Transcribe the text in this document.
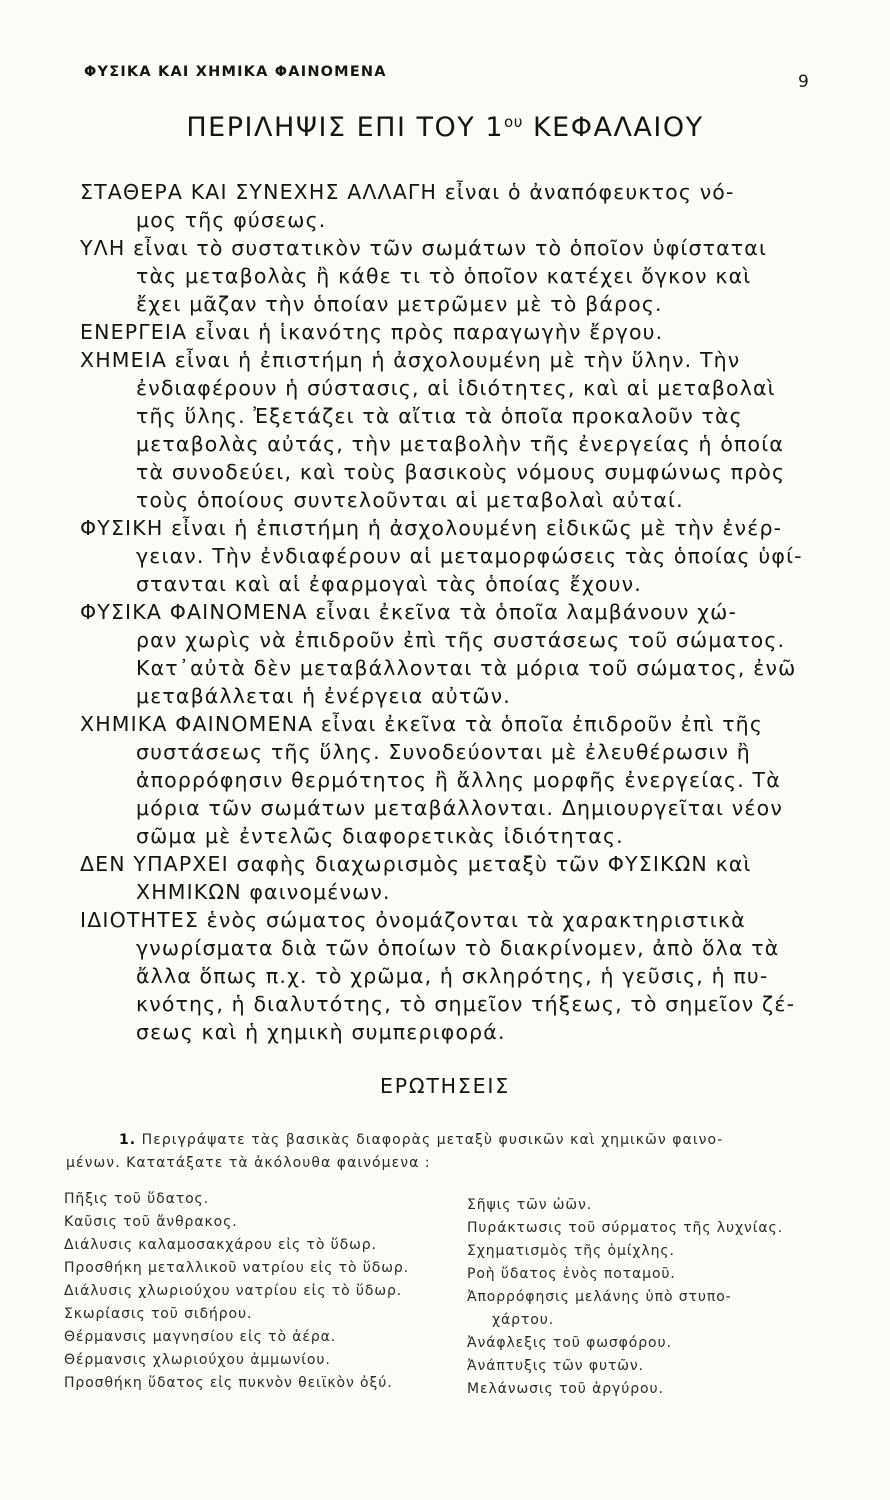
ΦΥΣΙΚΑ ΚΑΙ ΧΗΜΙΚΑ ΦΑΙΝΟΜΕΝΑ	9
ΠΕΡΙΛΗΨΙΣ ΕΠΙ ΤΟΥ $1^{o\upsilon}$ ΚΕΦΑΛΑΙΟΥ
ΣΤΑΘΕΡΑ ΚΑΙ ΣΥΝΕΧΗΣ ΑΛΛΑΓΗ εἶναι ὁ ἀναπόφευκτος νό-
μος τῆς φύσεως.
ΥΛΗ εἶναι τὸ συστατικὸν τῶν σωμάτων τὸ ὁποῖον ὑφίσταται
τὰς μεταβολὰς ἢ κάθε τι τὸ ὁποῖον κατέχει ὄγκον καὶ
ἔχει μᾶζαν τὴν ὁποίαν μετρῶμεν μὲ τὸ βάρος.
ΕΝΕΡΓΕΙΑ εἶναι ἡ ἱκανότης πρὸς παραγωγὴν ἔργου.
ΧΗΜΕΙΑ εἶναι ἡ ἐπιστήμη ἡ ἀσχολουμένη μὲ τὴν ὕλην. Τὴν
ἐνδιαφέρουν ἡ σύστασις, αἱ ἰδιότητες, καὶ αἱ μεταβολαὶ
τῆς ὕλης. Ἐξετάζει τὰ αἴτια τὰ ὁποῖα προκαλοῦν τὰς
μεταβολὰς αὐτάς, τὴν μεταβολὴν τῆς ἐνεργείας ἡ ὁποία
τὰ συνοδεύει, καὶ τοὺς βασικοὺς νόμους συμφώνως πρὸς
τοὺς ὁποίους συντελοῦνται αἱ μεταβολαὶ αὐταί.
ΦΥΣΙΚΗ εἶναι ἡ ἐπιστήμη ἡ ἀσχολουμένη εἰδικῶς μὲ τὴν ἐνέρ-
γειαν. Τὴν ἐνδιαφέρουν αἱ μεταμορφώσεις τὰς ὁποίας ὑφί-
στανται καὶ αἱ ἐφαρμογαὶ τὰς ὁποίας ἔχουν.
ΦΥΣΙΚΑ ΦΑΙΝΟΜΕΝΑ εἶναι ἐκεῖνα τὰ ὁποῖα λαμβάνουν χώ-
ραν χωρὶς νὰ ἐπιδροῦν ἐπὶ τῆς συστάσεως τοῦ σώματος.
Κατ᾽αὐτὰ δὲν μεταβάλλονται τὰ μόρια τοῦ σώματος, ἐνῶ
μεταβάλλεται ἡ ἐνέργεια αὐτῶν.
ΧΗΜΙΚΑ ΦΑΙΝΟΜΕΝΑ εἶναι ἐκεῖνα τὰ ὁποῖα ἐπιδροῦν ἐπὶ τῆς
συστάσεως τῆς ὕλης. Συνοδεύονται μὲ ἐλευθέρωσιν ἢ
ἀπορρόφησιν θερμότητος ἢ ἄλλης μορφῆς ἐνεργείας. Τὰ
μόρια τῶν σωμάτων μεταβάλλονται. Δημιουργεῖται νέον
σῶμα μὲ ἐντελῶς διαφορετικὰς ἰδιότητας.
ΔΕΝ ΥΠΑΡΧΕΙ σαφὴς διαχωρισμὸς μεταξὺ τῶν ΦΥΣΙΚΩΝ καὶ
ΧΗΜΙΚΩΝ φαινομένων.
ΙΔΙΟΤΗΤΕΣ ἑνὸς σώματος ὀνομάζονται τὰ χαρακτηριστικὰ
γνωρίσματα διὰ τῶν ὁποίων τὸ διακρίνομεν, ἀπὸ ὅλα τὰ
ἄλλα ὅπως π.χ. τὸ χρῶμα, ἡ σκληρότης, ἡ γεῦσις, ἡ πυ-
κνότης, ἡ διαλυτότης, τὸ σημεῖον τήξεως, τὸ σημεῖον ζέ-
σεως καὶ ἡ χημικὴ συμπεριφορά.
ΕΡΩΤΗΣΕΙΣ
1. Περιγράψατε τὰς βασικὰς διαφορὰς μεταξὺ φυσικῶν καὶ χημικῶν φαινο-
μένων. Κατατάξατε τὰ ἀκόλουθα φαινόμενα :
Πῆξις τοῦ ὕδατος.
Καῦσις τοῦ ἄνθρακος.
Διάλυσις καλαμοσακχάρου εἰς τὸ ὕδωρ.
Προσθήκη μεταλλικοῦ νατρίου εἰς τὸ ὕδωρ.
Διάλυσις χλωριούχου νατρίου εἰς τὸ ὕδωρ.
Σκωρίασις τοῦ σιδήρου.
Θέρμανσις μαγνησίου εἰς τὸ ἀέρα.
Θέρμανσις χλωριούχου ἀμμωνίου.
Προσθήκη ὕδατος εἰς πυκνὸν θειϊκὸν ὀξύ.
Σῆψις τῶν ὠῶν.
Πυράκτωσις τοῦ σύρματος τῆς λυχνίας.
Σχηματισμὸς τῆς ὁμίχλης.
Ροὴ ὕδατος ἑνὸς ποταμοῦ.
Ἀπορρόφησις μελάνης ὑπὸ στυπο-
χάρτου.
Ἀνάφλεξις τοῦ φωσφόρου.
Ἀνάπτυξις τῶν φυτῶν.
Μελάνωσις τοῦ ἀργύρου.
